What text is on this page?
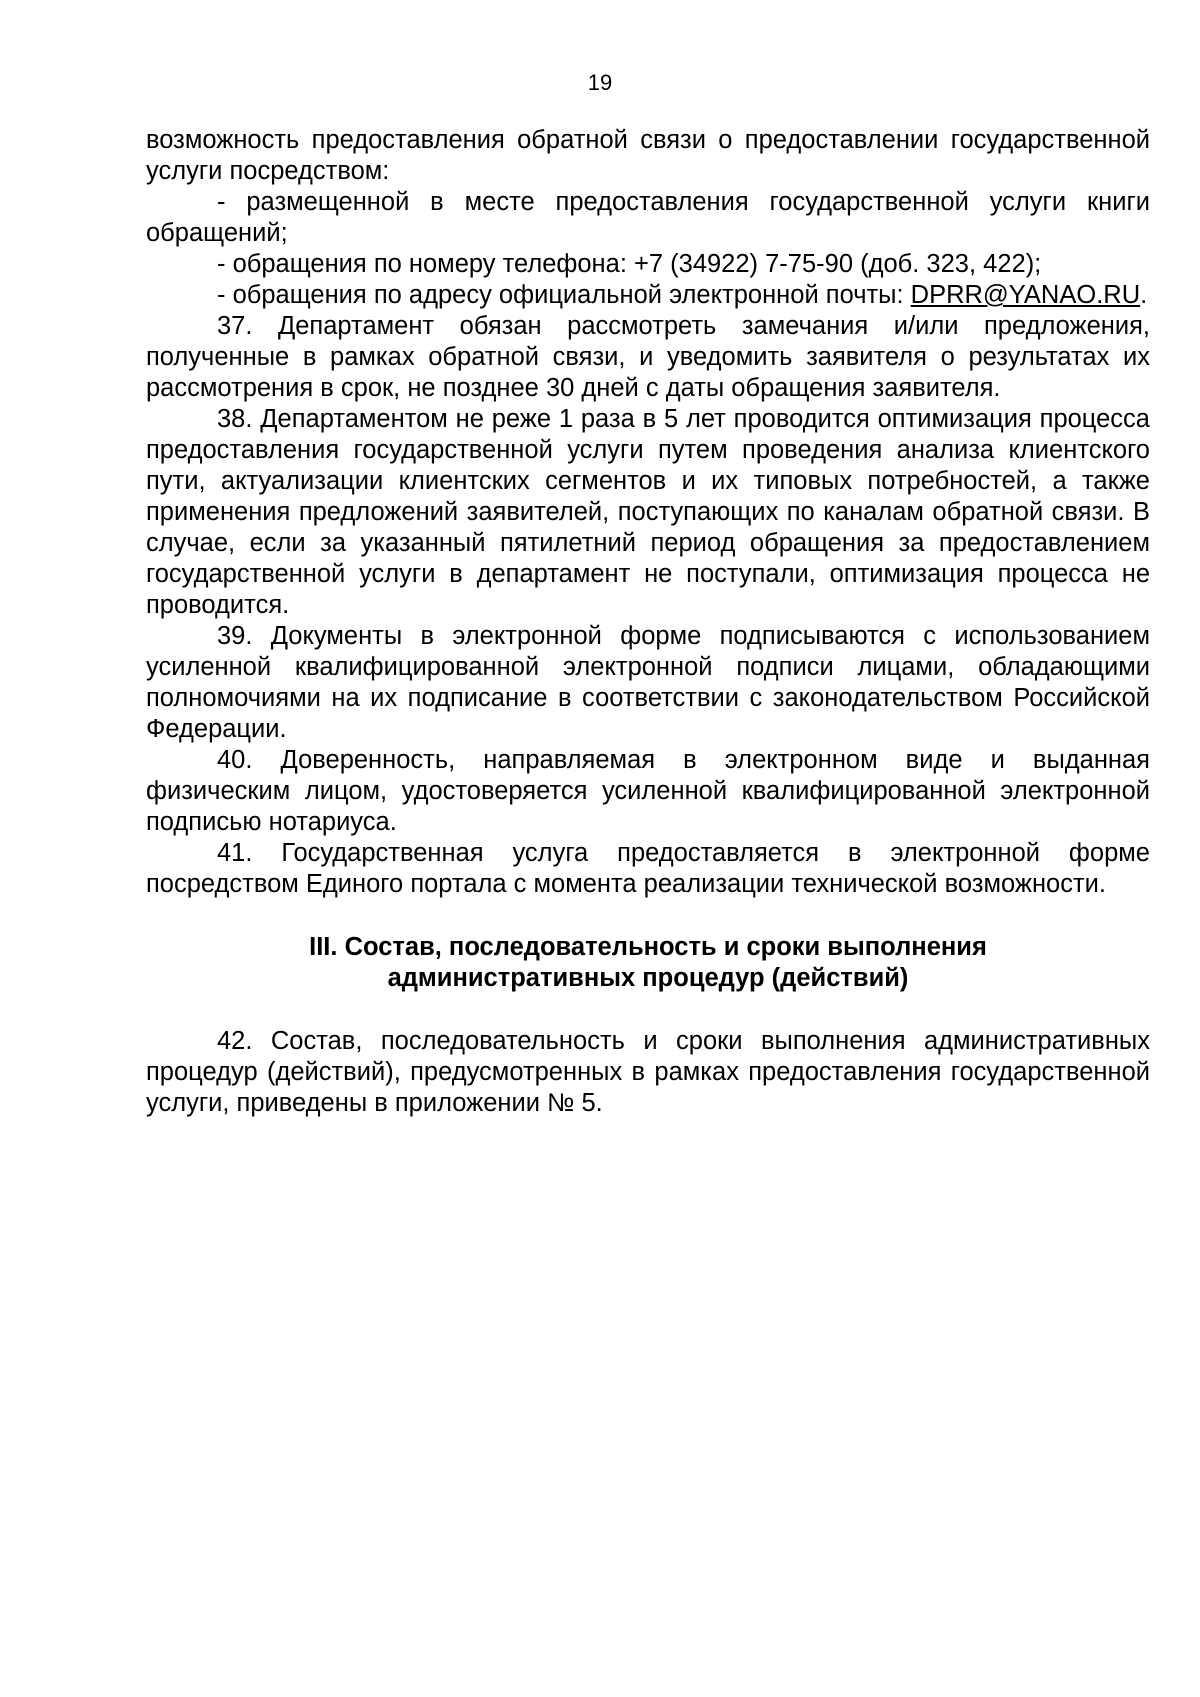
19

возможность предоставления обратной связи о предоставлении государственной услуги посредством:

- размещенной в месте предоставления государственной услуги книги обращений;

- обращения по номеру телефона: +7 (34922) 7-75-90 (доб. 323, 422);

- обращения по адресу официальной электронной почты: DPRR@YANAO.RU.

37. Департамент обязан рассмотреть замечания и/или предложения, полученные в рамках обратной связи, и уведомить заявителя о результатах их рассмотрения в срок, не позднее 30 дней с даты обращения заявителя.

38. Департаментом не реже 1 раза в 5 лет проводится оптимизация процесса предоставления государственной услуги путем проведения анализа клиентского пути, актуализации клиентских сегментов и их типовых потребностей, а также применения предложений заявителей, поступающих по каналам обратной связи. В случае, если за указанный пятилетний период обращения за предоставлением государственной услуги в департамент не поступали, оптимизация процесса не проводится.

39. Документы в электронной форме подписываются с использованием усиленной квалифицированной электронной подписи лицами, обладающими полномочиями на их подписание в соответствии с законодательством Российской Федерации.

40. Доверенность, направляемая в электронном виде и выданная физическим лицом, удостоверяется усиленной квалифицированной электронной подписью нотариуса.

41. Государственная услуга предоставляется в электронной форме посредством Единого портала с момента реализации технической возможности.

III. Состав, последовательность и сроки выполнения
административных процедур (действий)

42. Состав, последовательность и сроки выполнения административных процедур (действий), предусмотренных в рамках предоставления государственной услуги, приведены в приложении № 5.
